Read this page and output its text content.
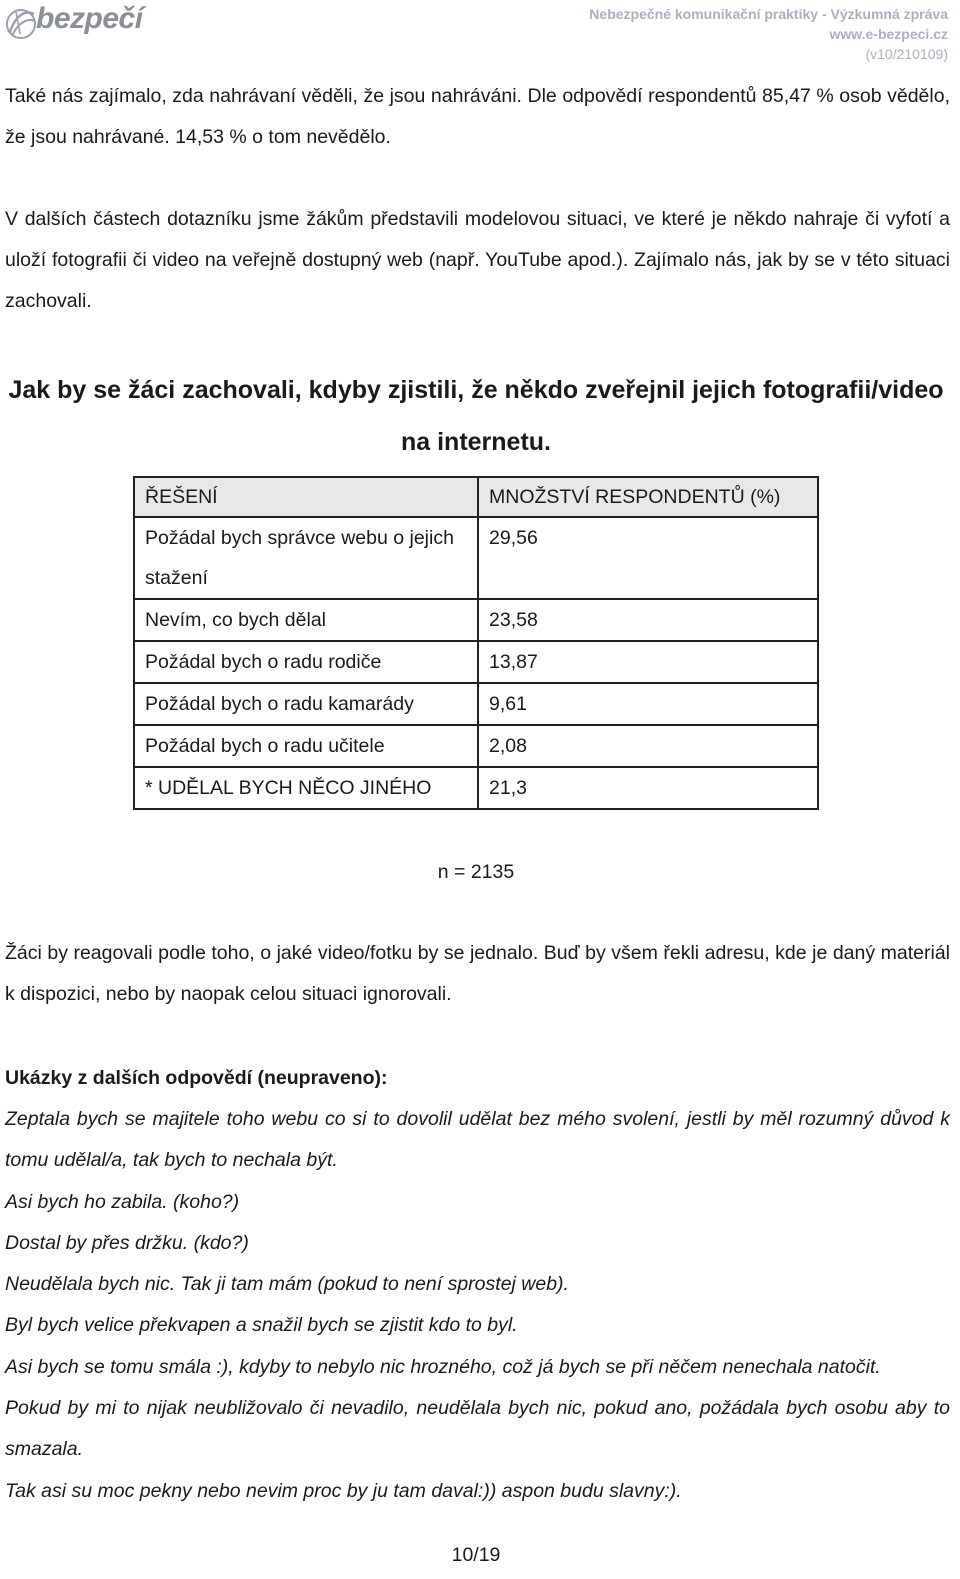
bezpečí	Nebezpečné komunikační praktiky - Výzkumná zpráva
www.e-bezpeci.cz
(v10/210109)
Také nás zajímalo, zda nahrávaní věděli, že jsou nahráváni. Dle odpovědí respondentů 85,47 % osob věděl​o, že jsou nahrávané. 14,53 % o tom nevědělo.
V dalších částech dotazníku jsme žákům představili modelovou situaci, ve které je někdo nahraje či vyfotí a uloží fotografii či video na veřejně dostupný web (např. YouTube apod.). Zajímalo nás, jak by se v této situaci zachovali.
Jak by se žáci zachovali, kdyby zjistili, že někdo zveřejnil jejich fotografii/video na internetu.
ŘEŠENÍ	MNOŽSTVÍ RESPONDENTŮ (%)
Požádal bych správce webu o jejich stažení	29,56
Nevím, co bych dělal	23,58
Požádal bych o radu rodiče	13,87
Požádal bych o radu kamarády	9,61
Požádal bych o radu učitele	2,08
* UDĚLAL BYCH NĚCO JINÉHO	21,3
n = 2135
Žáci by reagovali podle toho, o jaké video/fotku by se jednalo. Buď by všem řekli adresu, kde je daný materiál k dispozici, nebo by naopak celou situaci ignorovali.
Ukázky z dalších odpovědí (neupraveno):
Zeptala bych se majitele toho webu co si to dovolil udělat bez mého svolení, jestli by měl rozumný důvod k tomu udělal/a, tak bych to nechala být.
Asi bych ho zabila. (koho?)
Dostal by přes držku. (kdo?)
Neudělala bych nic. Tak ji tam mám (pokud to není sprostej web).
Byl bych velice překvapen a snažil bych se zjistit kdo to byl.
Asi bych se tomu smála :), kdyby to nebylo nic hrozného, což já bych se při něčem nenechala natočit.
Pokud by mi to nijak neubližovalo či nevadilo, neudělala bych nic, pokud ano, požádala bych osobu aby to smazala.
Tak asi su moc pekny nebo nevim proc by ju tam daval:)) aspon budu slavny:).
10/19
